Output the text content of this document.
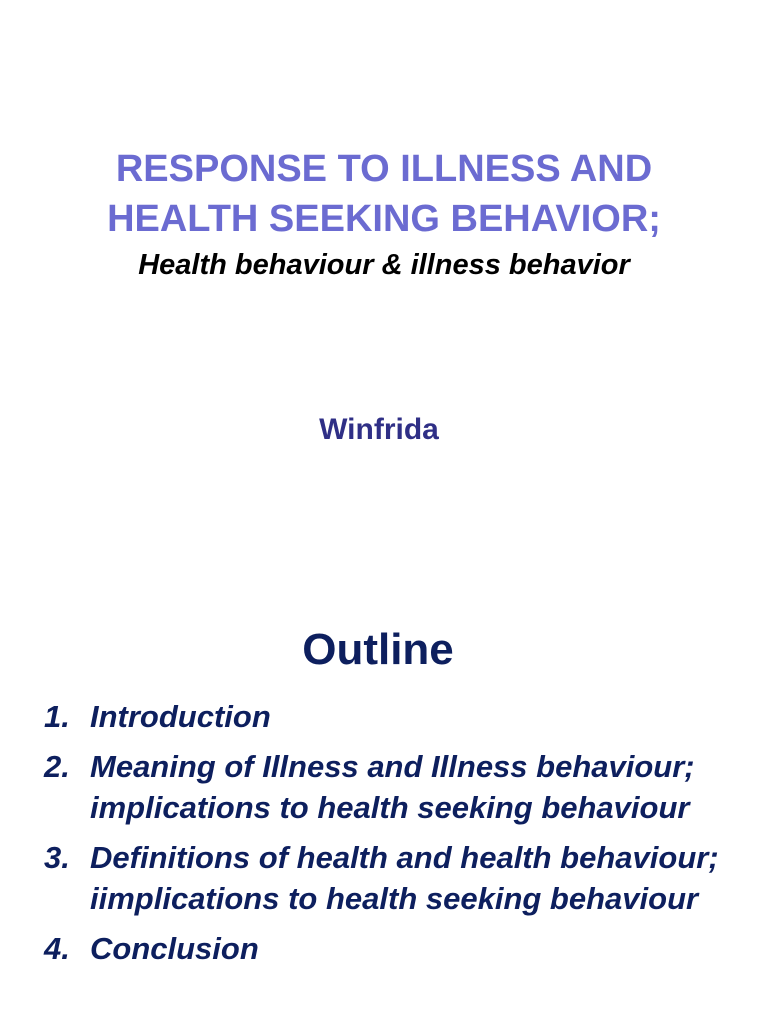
RESPONSE TO ILLNESS AND
HEALTH SEEKING BEHAVIOR;

Health behaviour & illness behavior

Winfrida

Outline
1. Introduction
2. Meaning of Illness and Illness behaviour; implications to health seeking behaviour
3. Definitions of health and health behaviour; iimplications to health seeking behaviour
4. Conclusion
